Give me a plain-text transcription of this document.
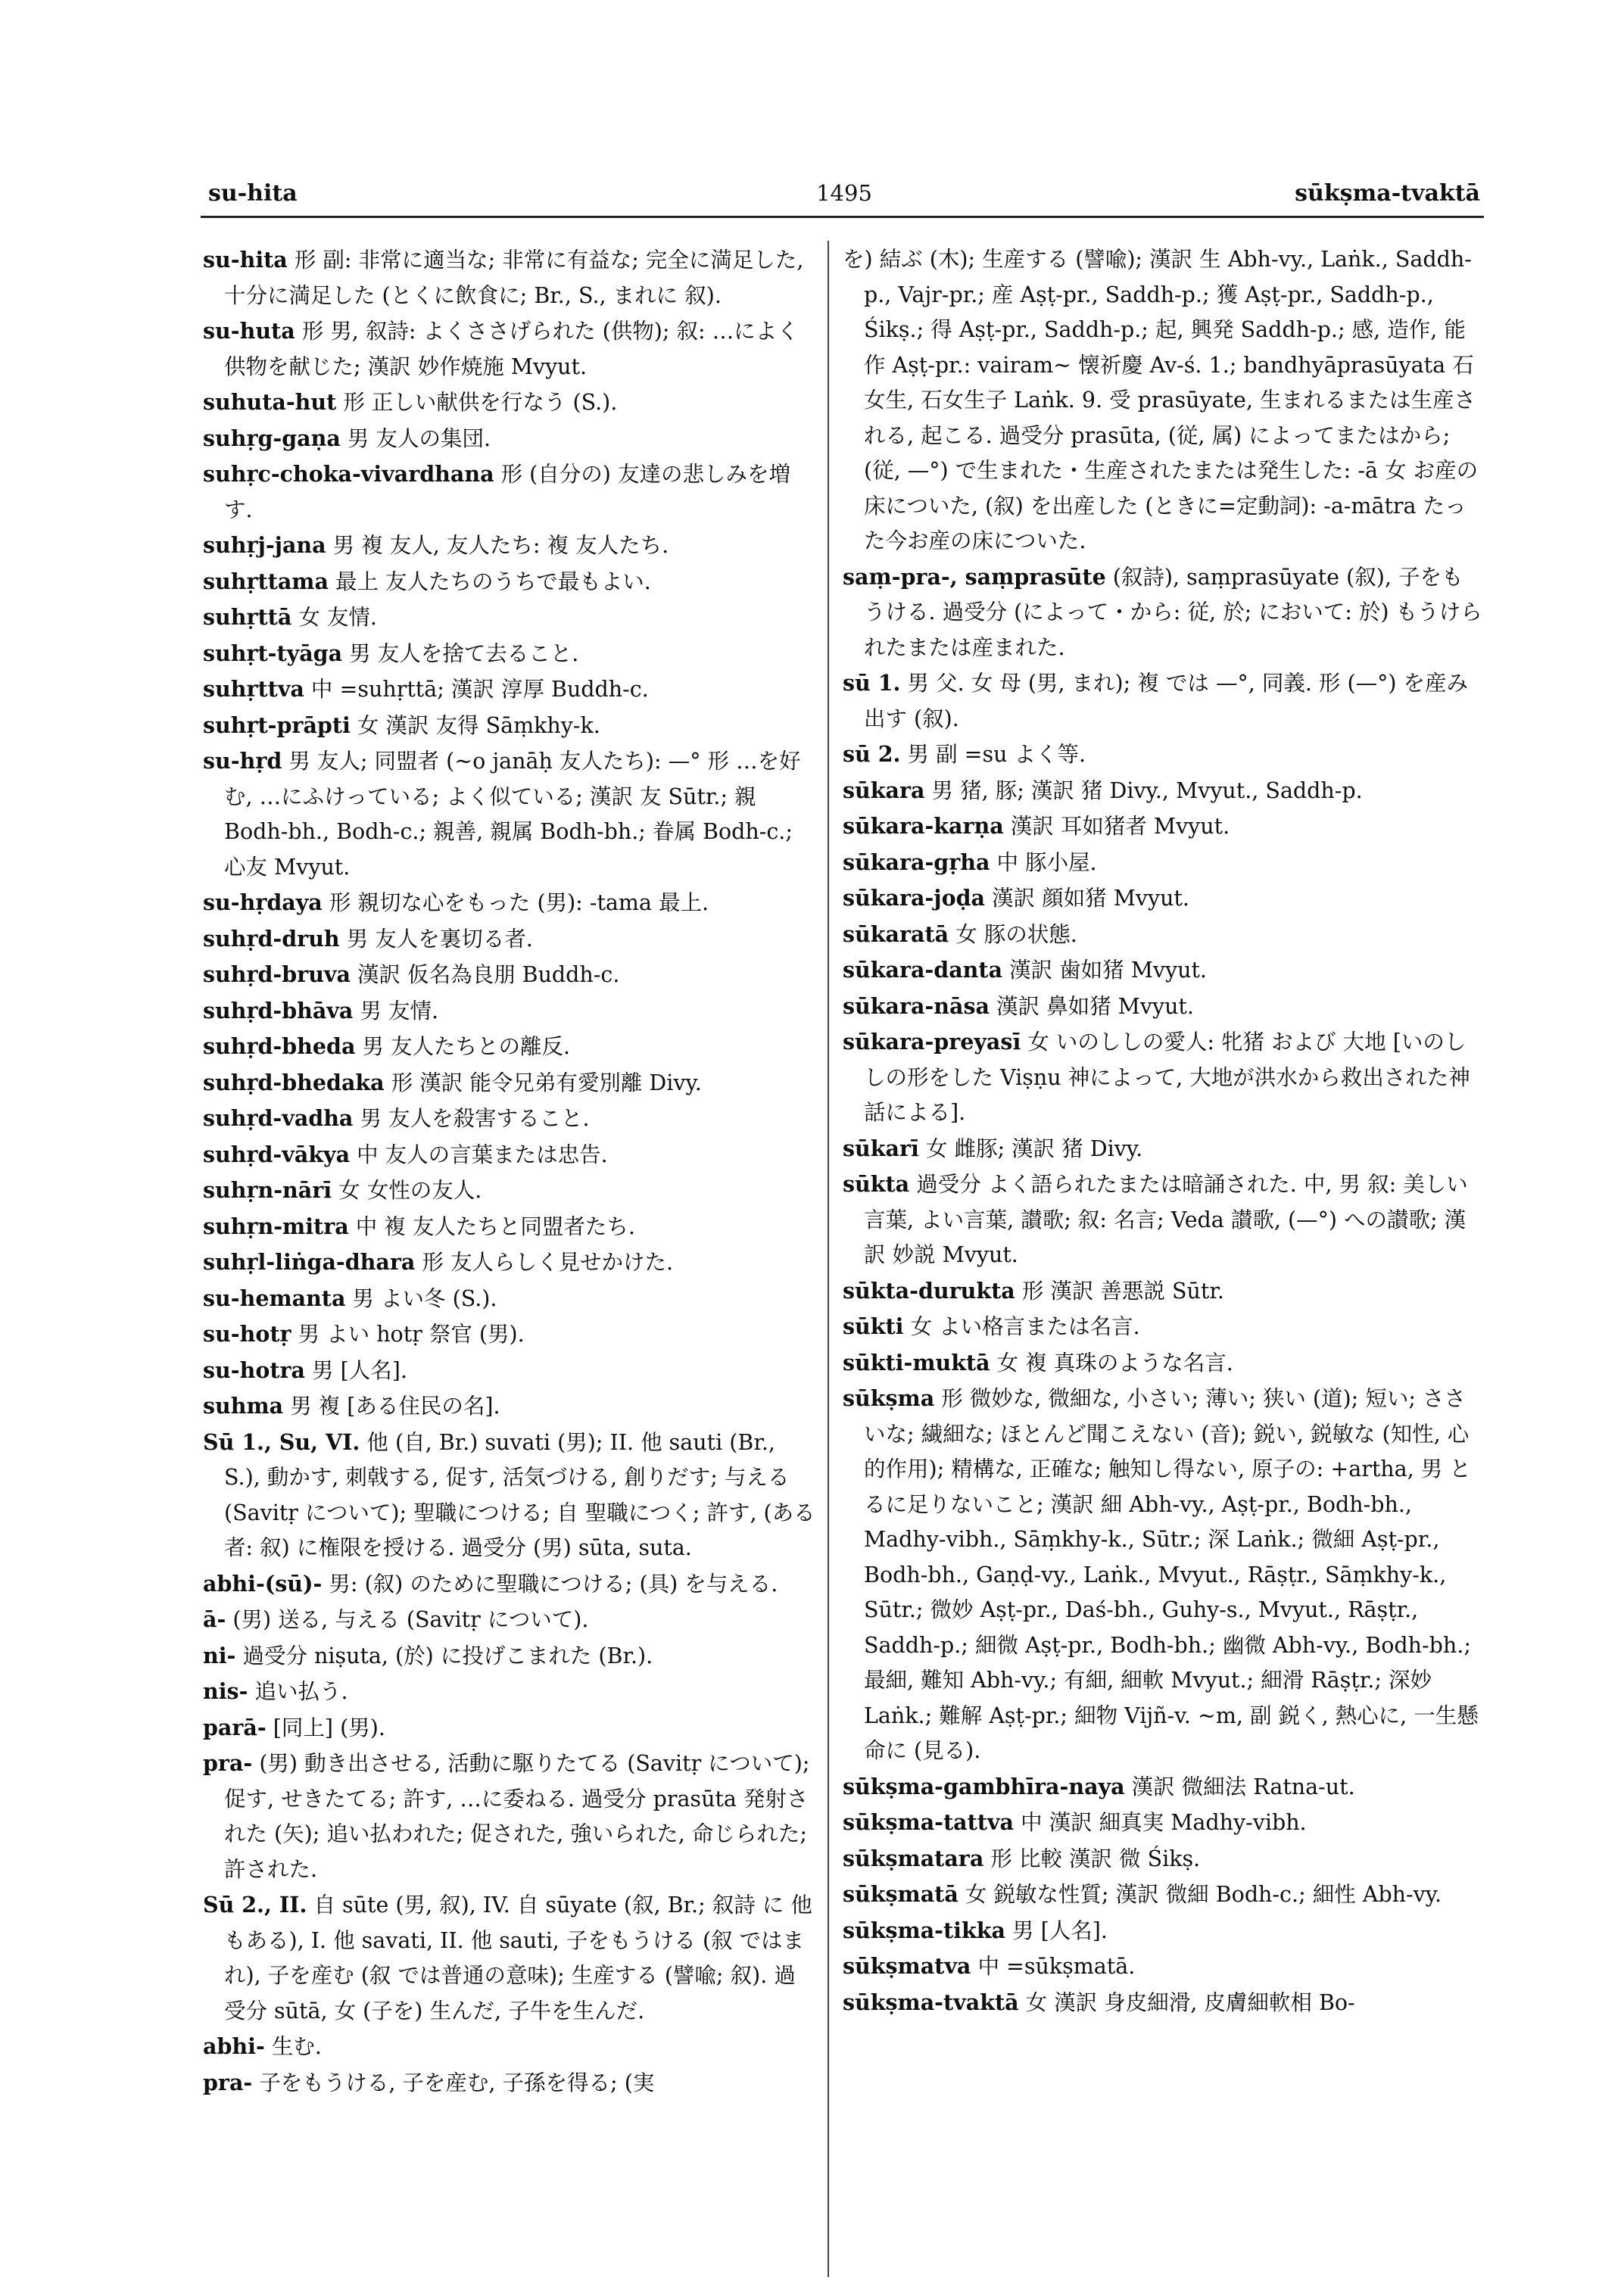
su-hita	1495	sūkṣma-tvaktā

su-hita 形 副: 非常に適当な; 非常に有益な; 完全に満足した, 十分に満足した (とくに飲食に; Br., S., まれに 叙).

su-huta 形 男, 叙詩: よくささげられた (供物); 叙: …によく供物を献じた; 漢訳 妙作焼施 Mvyut.

suhuta-hut 形 正しい献供を行なう (S.).

suhṛg-gaṇa 男 友人の集団.

suhṛc-choka-vivardhana 形 (自分の) 友達の悲しみを増す.

suhṛj-jana 男 複 友人, 友人たち: 複 友人たち.

suhṛttama 最上 友人たちのうちで最もよい.

suhṛttā 女 友情.

suhṛt-tyāga 男 友人を捨て去ること.

suhṛttva 中 =suhṛttā; 漢訳 淳厚 Buddh-c.

suhṛt-prāpti 女 漢訳 友得 Sāṃkhy-k.

su-hṛd 男 友人; 同盟者 (~o janāḥ 友人たち): —° 形 …を好む, …にふけっている; よく似ている; 漢訳 友 Sūtr.; 親 Bodh-bh., Bodh-c.; 親善, 親属 Bodh-bh.; 眷属 Bodh-c.; 心友 Mvyut.

su-hṛdaya 形 親切な心をもった (男): -tama 最上.

suhṛd-druh 男 友人を裏切る者.

suhṛd-bruva 漢訳 仮名為良朋 Buddh-c.

suhṛd-bhāva 男 友情.

suhṛd-bheda 男 友人たちとの離反.

suhṛd-bhedaka 形 漢訳 能令兄弟有愛別離 Divy.

suhṛd-vadha 男 友人を殺害すること.

suhṛd-vākya 中 友人の言葉または忠告.

suhṛn-nārī 女 女性の友人.

suhṛn-mitra 中 複 友人たちと同盟者たち.

suhṛl-liṅga-dhara 形 友人らしく見せかけた.

su-hemanta 男 よい冬 (S.).

su-hotṛ 男 よい hotṛ 祭官 (男).

su-hotra 男 [人名].

suhma 男 複 [ある住民の名].

Sū 1., Su, VI. 他 (自, Br.) suvati (男); II. 他 sauti (Br., S.), 動かす, 刺戟する, 促す, 活気づける, 創りだす; 与える (Savitṛ について); 聖職につける; 自 聖職につく; 許す, (ある者: 叙) に権限を授ける. 過受分 (男) sūta, suta.

abhi-(sū)- 男: (叙) のために聖職につける; (具) を与える.

ā- (男) 送る, 与える (Savitṛ について).

ni- 過受分 niṣuta, (於) に投げこまれた (Br.).

nis- 追い払う.

parā- [同上] (男).

pra- (男) 動き出させる, 活動に駆りたてる (Savitṛ について); 促す, せきたてる; 許す, …に委ねる. 過受分 prasūta 発射された (矢); 追い払われた; 促された, 強いられた, 命じられた; 許された.

Sū 2., II. 自 sūte (男, 叙), IV. 自 sūyate (叙, Br.; 叙詩 に 他 もある), I. 他 savati, II. 他 sauti, 子をもうける (叙 ではまれ), 子を産む (叙 では普通の意味); 生産する (譬喩; 叙). 過受分 sūtā, 女 (子を) 生んだ, 子牛を生んだ.

abhi- 生む.

pra- 子をもうける, 子を産む, 子孫を得る; (実

を) 結ぶ (木); 生産する (譬喩); 漢訳 生 Abh-vy., Laṅk., Saddh-p., Vajr-pr.; 産 Aṣṭ-pr., Saddh-p.; 獲 Aṣṭ-pr., Saddh-p., Śikṣ.; 得 Aṣṭ-pr., Saddh-p.; 起, 興発 Saddh-p.; 感, 造作, 能作 Aṣṭ-pr.: vairam~ 懐祈慶 Av-ś. 1.; bandhyāprasūyata 石女生, 石女生子 Laṅk. 9. 受 prasūyate, 生まれるまたは生産される, 起こる. 過受分 prasūta, (従, 属) によってまたはから; (従, —°) で生まれた・生産されたまたは発生した: -ā 女 お産の床についた, (叙) を出産した (ときに=定動詞): -a-mātra たった今お産の床についた.

saṃ-pra-, saṃprasūte (叙詩), saṃprasūyate (叙), 子をもうける. 過受分 (によって・から: 従, 於; において: 於) もうけられたまたは産まれた.

sū 1. 男 父. 女 母 (男, まれ); 複 では —°, 同義. 形 (—°) を産み出す (叙).

sū 2. 男 副 =su よく等.

sūkara 男 猪, 豚; 漢訳 猪 Divy., Mvyut., Saddh-p.

sūkara-karṇa 漢訳 耳如猪者 Mvyut.

sūkara-gṛha 中 豚小屋.

sūkara-joḍa 漢訳 顔如猪 Mvyut.

sūkaratā 女 豚の状態.

sūkara-danta 漢訳 歯如猪 Mvyut.

sūkara-nāsa 漢訳 鼻如猪 Mvyut.

sūkara-preyasī 女 いのししの愛人: 牝猪 および 大地 [いのししの形をした Viṣṇu 神によって, 大地が洪水から救出された神話による].

sūkarī 女 雌豚; 漢訳 猪 Divy.

sūkta 過受分 よく語られたまたは暗誦された. 中, 男 叙: 美しい言葉, よい言葉, 讃歌; 叙: 名言; Veda 讃歌, (—°) への讃歌; 漢訳 妙説 Mvyut.

sūkta-durukta 形 漢訳 善悪説 Sūtr.

sūkti 女 よい格言または名言.

sūkti-muktā 女 複 真珠のような名言.

sūkṣma 形 微妙な, 微細な, 小さい; 薄い; 狭い (道); 短い; ささいな; 繊細な; ほとんど聞こえない (音); 鋭い, 鋭敏な (知性, 心的作用); 精構な, 正確な; 触知し得ない, 原子の: +artha, 男 とるに足りないこと; 漢訳 細 Abh-vy., Aṣṭ-pr., Bodh-bh., Madhy-vibh., Sāṃkhy-k., Sūtr.; 深 Laṅk.; 微細 Aṣṭ-pr., Bodh-bh., Gaṇḍ-vy., Laṅk., Mvyut., Rāṣṭr., Sāṃkhy-k., Sūtr.; 微妙 Aṣṭ-pr., Daś-bh., Guhy-s., Mvyut., Rāṣṭr., Saddh-p.; 細微 Aṣṭ-pr., Bodh-bh.; 幽微 Abh-vy., Bodh-bh.; 最細, 難知 Abh-vy.; 有細, 細軟 Mvyut.; 細滑 Rāṣṭr.; 深妙 Laṅk.; 難解 Aṣṭ-pr.; 細物 Vijñ-v. ~m, 副 鋭く, 熱心に, 一生懸命に (見る).

sūkṣma-gambhīra-naya 漢訳 微細法 Ratna-ut.

sūkṣma-tattva 中 漢訳 細真実 Madhy-vibh.

sūkṣmatara 形 比較 漢訳 微 Śikṣ.

sūkṣmatā 女 鋭敏な性質; 漢訳 微細 Bodh-c.; 細性 Abh-vy.

sūkṣma-tikka 男 [人名].

sūkṣmatva 中 =sūkṣmatā.

sūkṣma-tvaktā 女 漢訳 身皮細滑, 皮膚細軟相 Bo-
